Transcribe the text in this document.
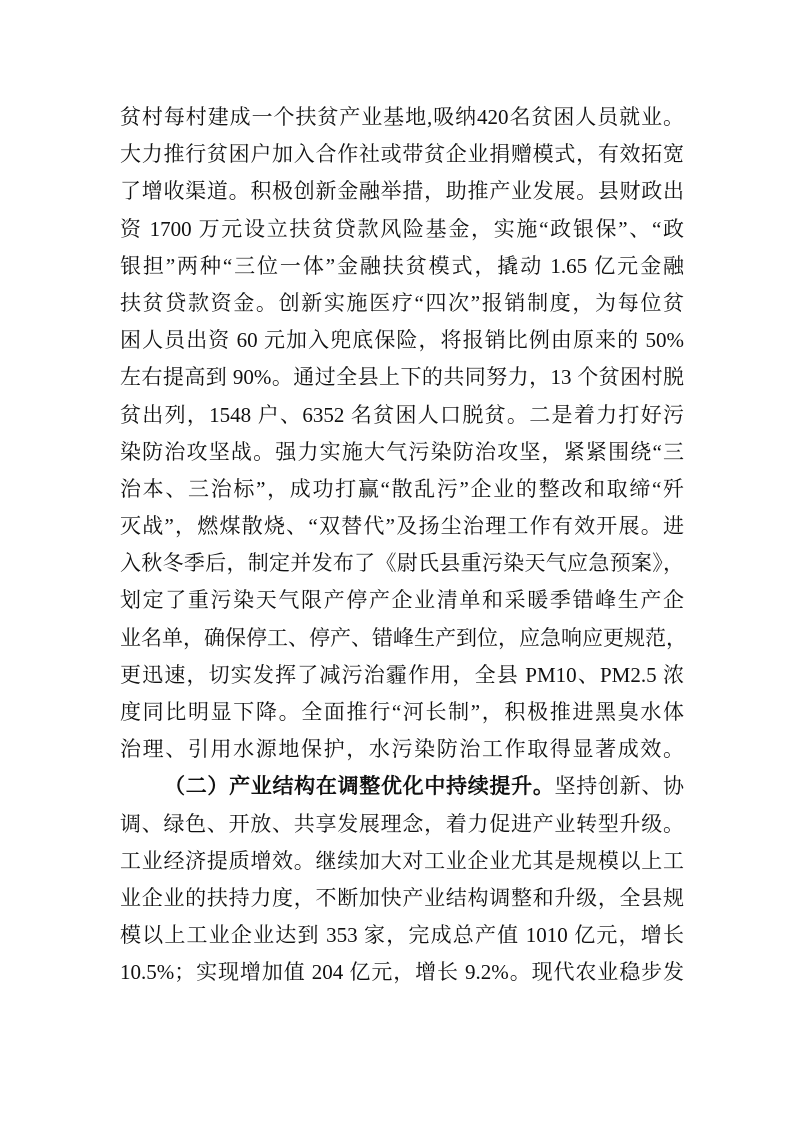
贫村每村建成一个扶贫产业基地,吸纳420名贫困人员就业。
大力推行贫困户加入合作社或带贫企业捐赠模式，有效拓宽
了增收渠道。积极创新金融举措，助推产业发展。县财政出
资 1700 万元设立扶贫贷款风险基金，实施“政银保”、“政
银担”两种“三位一体”金融扶贫模式，撬动 1.65 亿元金融
扶贫贷款资金。创新实施医疗“四次”报销制度，为每位贫
困人员出资 60 元加入兜底保险，将报销比例由原来的 50%
左右提高到 90%。通过全县上下的共同努力，13 个贫困村脱
贫出列，1548 户、6352 名贫困人口脱贫。二是着力打好污
染防治攻坚战。强力实施大气污染防治攻坚，紧紧围绕“三
治本、三治标”，成功打赢“散乱污”企业的整改和取缔“歼
灭战”，燃煤散烧、“双替代”及扬尘治理工作有效开展。进
入秋冬季后，制定并发布了《尉氏县重污染天气应急预案》，
划定了重污染天气限产停产企业清单和采暖季错峰生产企
业名单，确保停工、停产、错峰生产到位，应急响应更规范，
更迅速，切实发挥了减污治霾作用，全县 PM10、PM2.5 浓
度同比明显下降。全面推行“河长制”，积极推进黑臭水体
治理、引用水源地保护，水污染防治工作取得显著成效。
（二）产业结构在调整优化中持续提升。坚持创新、协
调、绿色、开放、共享发展理念，着力促进产业转型升级。
工业经济提质增效。继续加大对工业企业尤其是规模以上工
业企业的扶持力度，不断加快产业结构调整和升级，全县规
模以上工业企业达到 353 家，完成总产值 1010 亿元，增长
10.5%；实现增加值 204 亿元，增长 9.2%。现代农业稳步发
